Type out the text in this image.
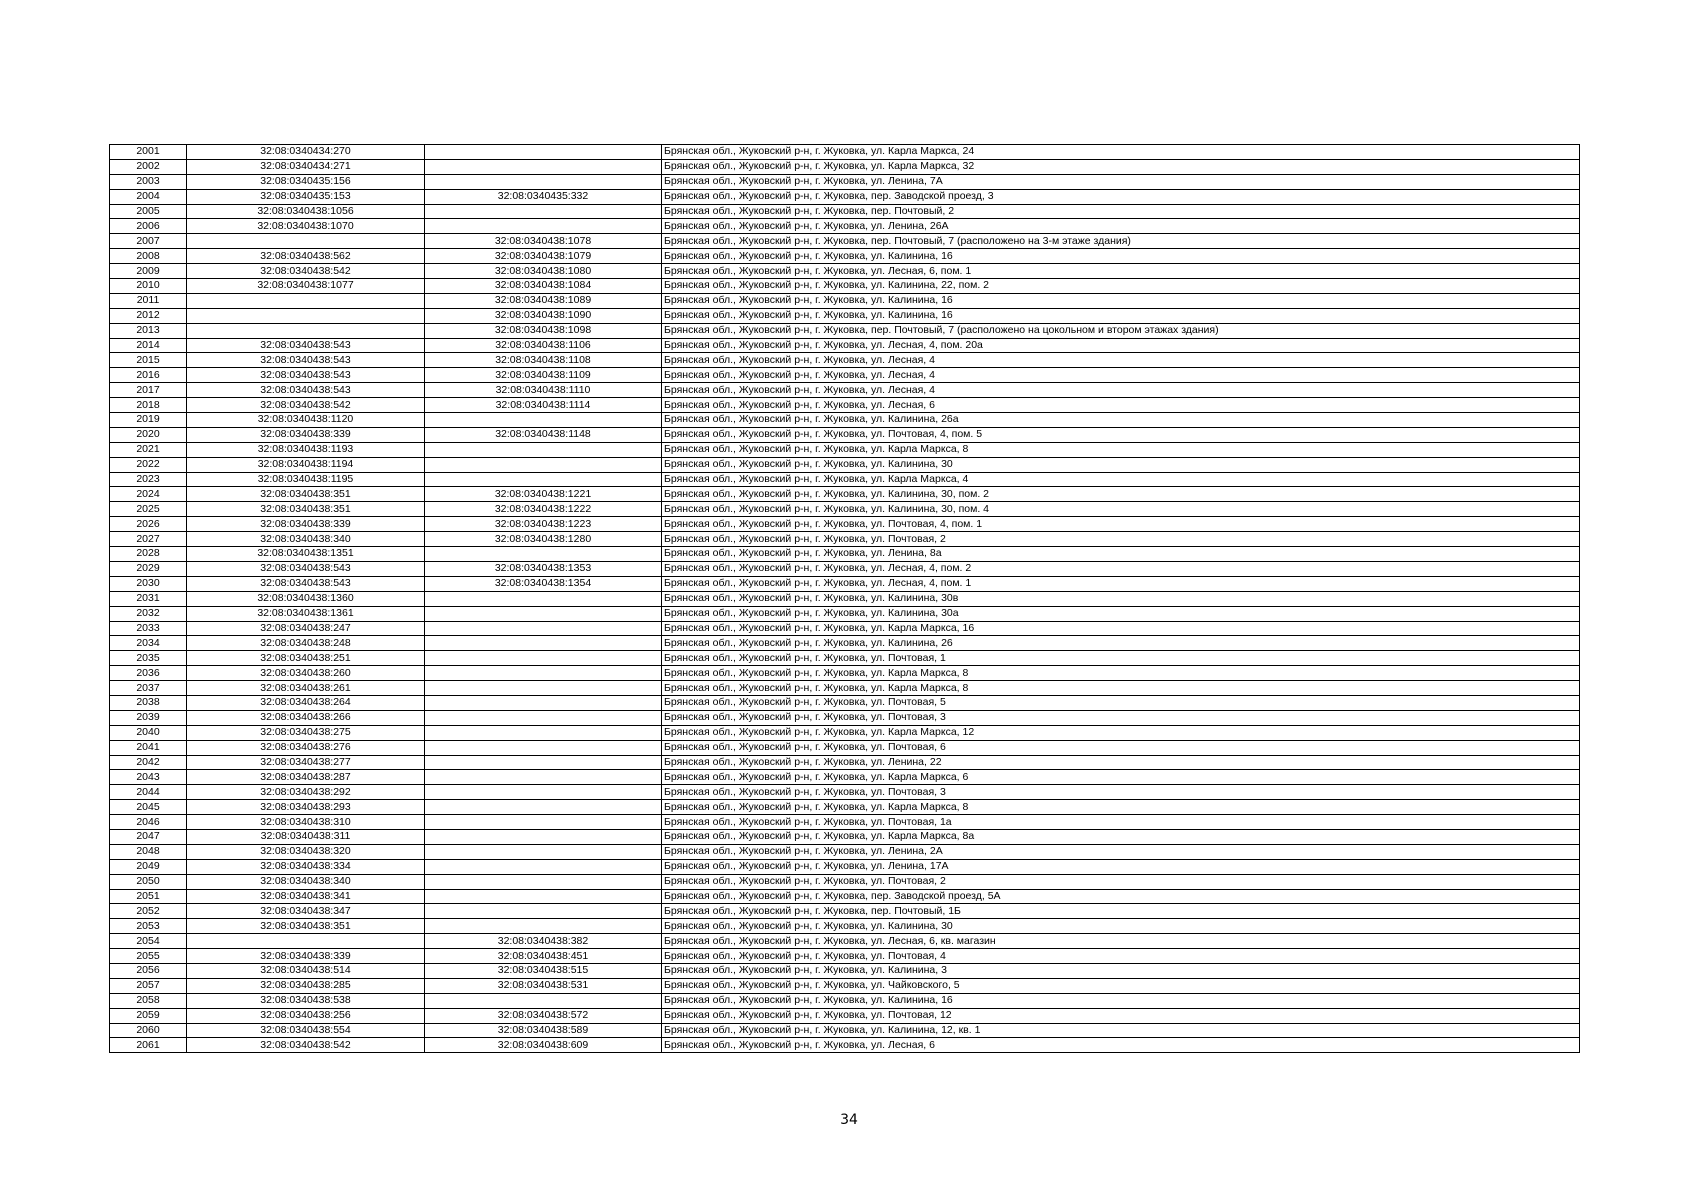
2001	32:08:0340434:270		Брянская обл., Жуковский р-н, г. Жуковка, ул. Карла Маркса, 24
2002	32:08:0340434:271		Брянская обл., Жуковский р-н, г. Жуковка, ул. Карла Маркса, 32
2003	32:08:0340435:156		Брянская обл., Жуковский р-н, г. Жуковка, ул. Ленина, 7А
2004	32:08:0340435:153	32:08:0340435:332	Брянская обл., Жуковский р-н, г. Жуковка, пер. Заводской проезд, 3
2005	32:08:0340438:1056		Брянская обл., Жуковский р-н, г. Жуковка, пер. Почтовый, 2
2006	32:08:0340438:1070		Брянская обл., Жуковский р-н, г. Жуковка, ул. Ленина, 26А
2007		32:08:0340438:1078	Брянская обл., Жуковский р-н, г. Жуковка, пер. Почтовый, 7 (расположено на 3-м этаже здания)
2008	32:08:0340438:562	32:08:0340438:1079	Брянская обл., Жуковский р-н, г. Жуковка, ул. Калинина, 16
2009	32:08:0340438:542	32:08:0340438:1080	Брянская обл., Жуковский р-н, г. Жуковка, ул. Лесная, 6, пом. 1
2010	32:08:0340438:1077	32:08:0340438:1084	Брянская обл., Жуковский р-н, г. Жуковка, ул. Калинина, 22, пом. 2
2011		32:08:0340438:1089	Брянская обл., Жуковский р-н, г. Жуковка, ул. Калинина, 16
2012		32:08:0340438:1090	Брянская обл., Жуковский р-н, г. Жуковка, ул. Калинина, 16
2013		32:08:0340438:1098	Брянская обл., Жуковский р-н, г. Жуковка, пер. Почтовый, 7 (расположено на цокольном и втором этажах здания)
2014	32:08:0340438:543	32:08:0340438:1106	Брянская обл., Жуковский р-н, г. Жуковка, ул. Лесная, 4, пом. 20а
2015	32:08:0340438:543	32:08:0340438:1108	Брянская обл., Жуковский р-н, г. Жуковка, ул. Лесная, 4
2016	32:08:0340438:543	32:08:0340438:1109	Брянская обл., Жуковский р-н, г. Жуковка, ул. Лесная, 4
2017	32:08:0340438:543	32:08:0340438:1110	Брянская обл., Жуковский р-н, г. Жуковка, ул. Лесная, 4
2018	32:08:0340438:542	32:08:0340438:1114	Брянская обл., Жуковский р-н, г. Жуковка, ул. Лесная, 6
2019	32:08:0340438:1120		Брянская обл., Жуковский р-н, г. Жуковка, ул. Калинина, 26а
2020	32:08:0340438:339	32:08:0340438:1148	Брянская обл., Жуковский р-н, г. Жуковка, ул. Почтовая, 4, пом. 5
2021	32:08:0340438:1193		Брянская обл., Жуковский р-н, г. Жуковка, ул. Карла Маркса, 8
2022	32:08:0340438:1194		Брянская обл., Жуковский р-н, г. Жуковка, ул. Калинина, 30
2023	32:08:0340438:1195		Брянская обл., Жуковский р-н, г. Жуковка, ул. Карла Маркса, 4
2024	32:08:0340438:351	32:08:0340438:1221	Брянская обл., Жуковский р-н, г. Жуковка, ул. Калинина, 30, пом. 2
2025	32:08:0340438:351	32:08:0340438:1222	Брянская обл., Жуковский р-н, г. Жуковка, ул. Калинина, 30, пом. 4
2026	32:08:0340438:339	32:08:0340438:1223	Брянская обл., Жуковский р-н, г. Жуковка, ул. Почтовая, 4, пом. 1
2027	32:08:0340438:340	32:08:0340438:1280	Брянская обл., Жуковский р-н, г. Жуковка, ул. Почтовая, 2
2028	32:08:0340438:1351		Брянская обл., Жуковский р-н, г. Жуковка, ул. Ленина, 8а
2029	32:08:0340438:543	32:08:0340438:1353	Брянская обл., Жуковский р-н, г. Жуковка, ул. Лесная, 4, пом. 2
2030	32:08:0340438:543	32:08:0340438:1354	Брянская обл., Жуковский р-н, г. Жуковка, ул. Лесная, 4, пом. 1
2031	32:08:0340438:1360		Брянская обл., Жуковский р-н, г. Жуковка, ул. Калинина, 30в
2032	32:08:0340438:1361		Брянская обл., Жуковский р-н, г. Жуковка, ул. Калинина, 30а
2033	32:08:0340438:247		Брянская обл., Жуковский р-н, г. Жуковка, ул. Карла Маркса, 16
2034	32:08:0340438:248		Брянская обл., Жуковский р-н, г. Жуковка, ул. Калинина, 26
2035	32:08:0340438:251		Брянская обл., Жуковский р-н, г. Жуковка, ул. Почтовая, 1
2036	32:08:0340438:260		Брянская обл., Жуковский р-н, г. Жуковка, ул. Карла Маркса, 8
2037	32:08:0340438:261		Брянская обл., Жуковский р-н, г. Жуковка, ул. Карла Маркса, 8
2038	32:08:0340438:264		Брянская обл., Жуковский р-н, г. Жуковка, ул. Почтовая, 5
2039	32:08:0340438:266		Брянская обл., Жуковский р-н, г. Жуковка, ул. Почтовая, 3
2040	32:08:0340438:275		Брянская обл., Жуковский р-н, г. Жуковка, ул. Карла Маркса, 12
2041	32:08:0340438:276		Брянская обл., Жуковский р-н, г. Жуковка, ул. Почтовая, 6
2042	32:08:0340438:277		Брянская обл., Жуковский р-н, г. Жуковка, ул. Ленина, 22
2043	32:08:0340438:287		Брянская обл., Жуковский р-н, г. Жуковка, ул. Карла Маркса, 6
2044	32:08:0340438:292		Брянская обл., Жуковский р-н, г. Жуковка, ул. Почтовая, 3
2045	32:08:0340438:293		Брянская обл., Жуковский р-н, г. Жуковка, ул. Карла Маркса, 8
2046	32:08:0340438:310		Брянская обл., Жуковский р-н, г. Жуковка, ул. Почтовая, 1а
2047	32:08:0340438:311		Брянская обл., Жуковский р-н, г. Жуковка, ул. Карла Маркса, 8а
2048	32:08:0340438:320		Брянская обл., Жуковский р-н, г. Жуковка, ул. Ленина, 2А
2049	32:08:0340438:334		Брянская обл., Жуковский р-н, г. Жуковка, ул. Ленина, 17А
2050	32:08:0340438:340		Брянская обл., Жуковский р-н, г. Жуковка, ул. Почтовая, 2
2051	32:08:0340438:341		Брянская обл., Жуковский р-н, г. Жуковка, пер. Заводской проезд, 5А
2052	32:08:0340438:347		Брянская обл., Жуковский р-н, г. Жуковка, пер. Почтовый, 1Б
2053	32:08:0340438:351		Брянская обл., Жуковский р-н, г. Жуковка, ул. Калинина, 30
2054		32:08:0340438:382	Брянская обл., Жуковский р-н, г. Жуковка, ул. Лесная, 6, кв. магазин
2055	32:08:0340438:339	32:08:0340438:451	Брянская обл., Жуковский р-н, г. Жуковка, ул. Почтовая, 4
2056	32:08:0340438:514	32:08:0340438:515	Брянская обл., Жуковский р-н, г. Жуковка, ул. Калинина, 3
2057	32:08:0340438:285	32:08:0340438:531	Брянская обл., Жуковский р-н, г. Жуковка, ул. Чайковского, 5
2058	32:08:0340438:538		Брянская обл., Жуковский р-н, г. Жуковка, ул. Калинина, 16
2059	32:08:0340438:256	32:08:0340438:572	Брянская обл., Жуковский р-н, г. Жуковка, ул. Почтовая, 12
2060	32:08:0340438:554	32:08:0340438:589	Брянская обл., Жуковский р-н, г. Жуковка, ул. Калинина, 12, кв. 1
2061	32:08:0340438:542	32:08:0340438:609	Брянская обл., Жуковский р-н, г. Жуковка, ул. Лесная, 6
34
